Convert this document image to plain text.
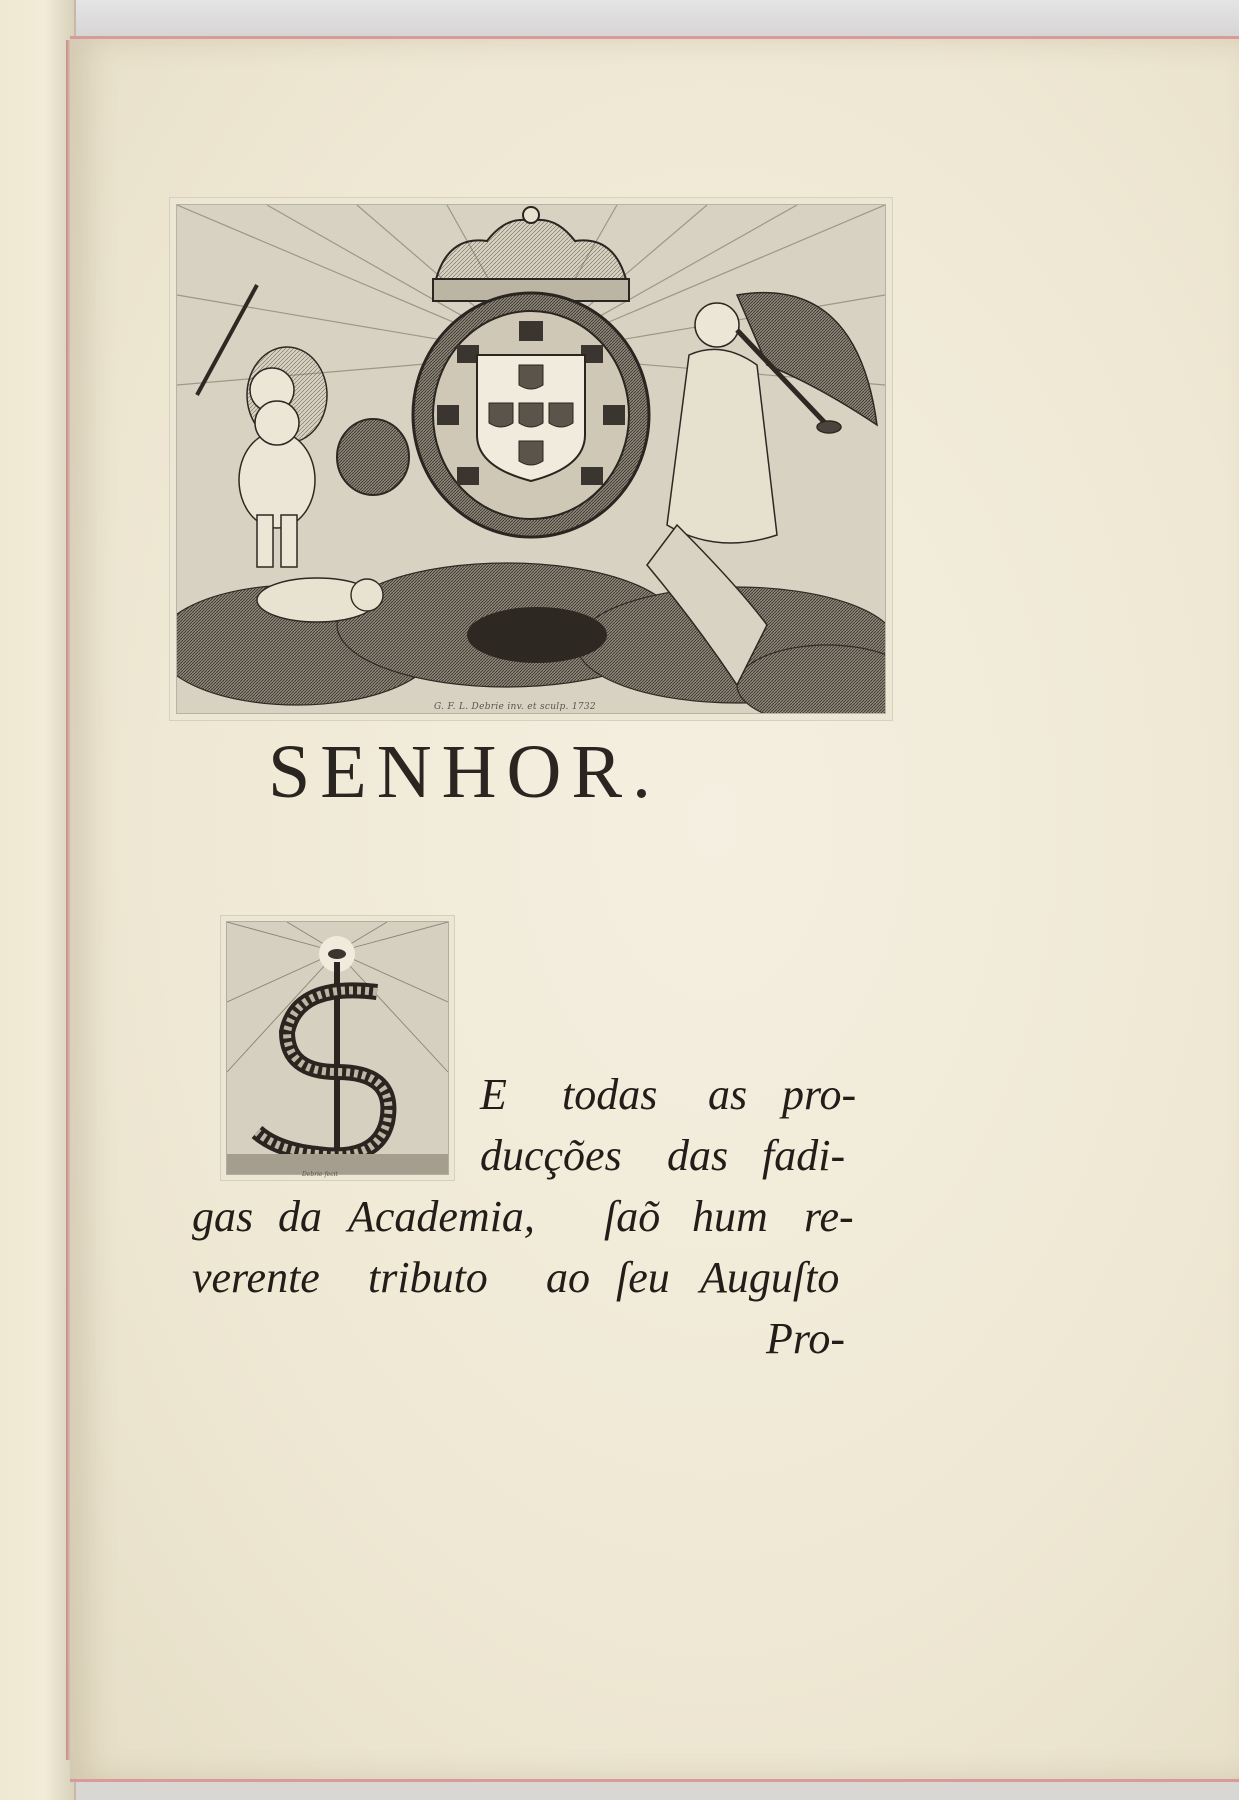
G. F. L. Debrie inv. et sculp. 1732
SENHOR.
Debrie fecit
E todas as pro-
ducções das fadi-
gas da Academia, ſaõ hum re-
verente tributo ao ſeu Auguſto
Pro-
